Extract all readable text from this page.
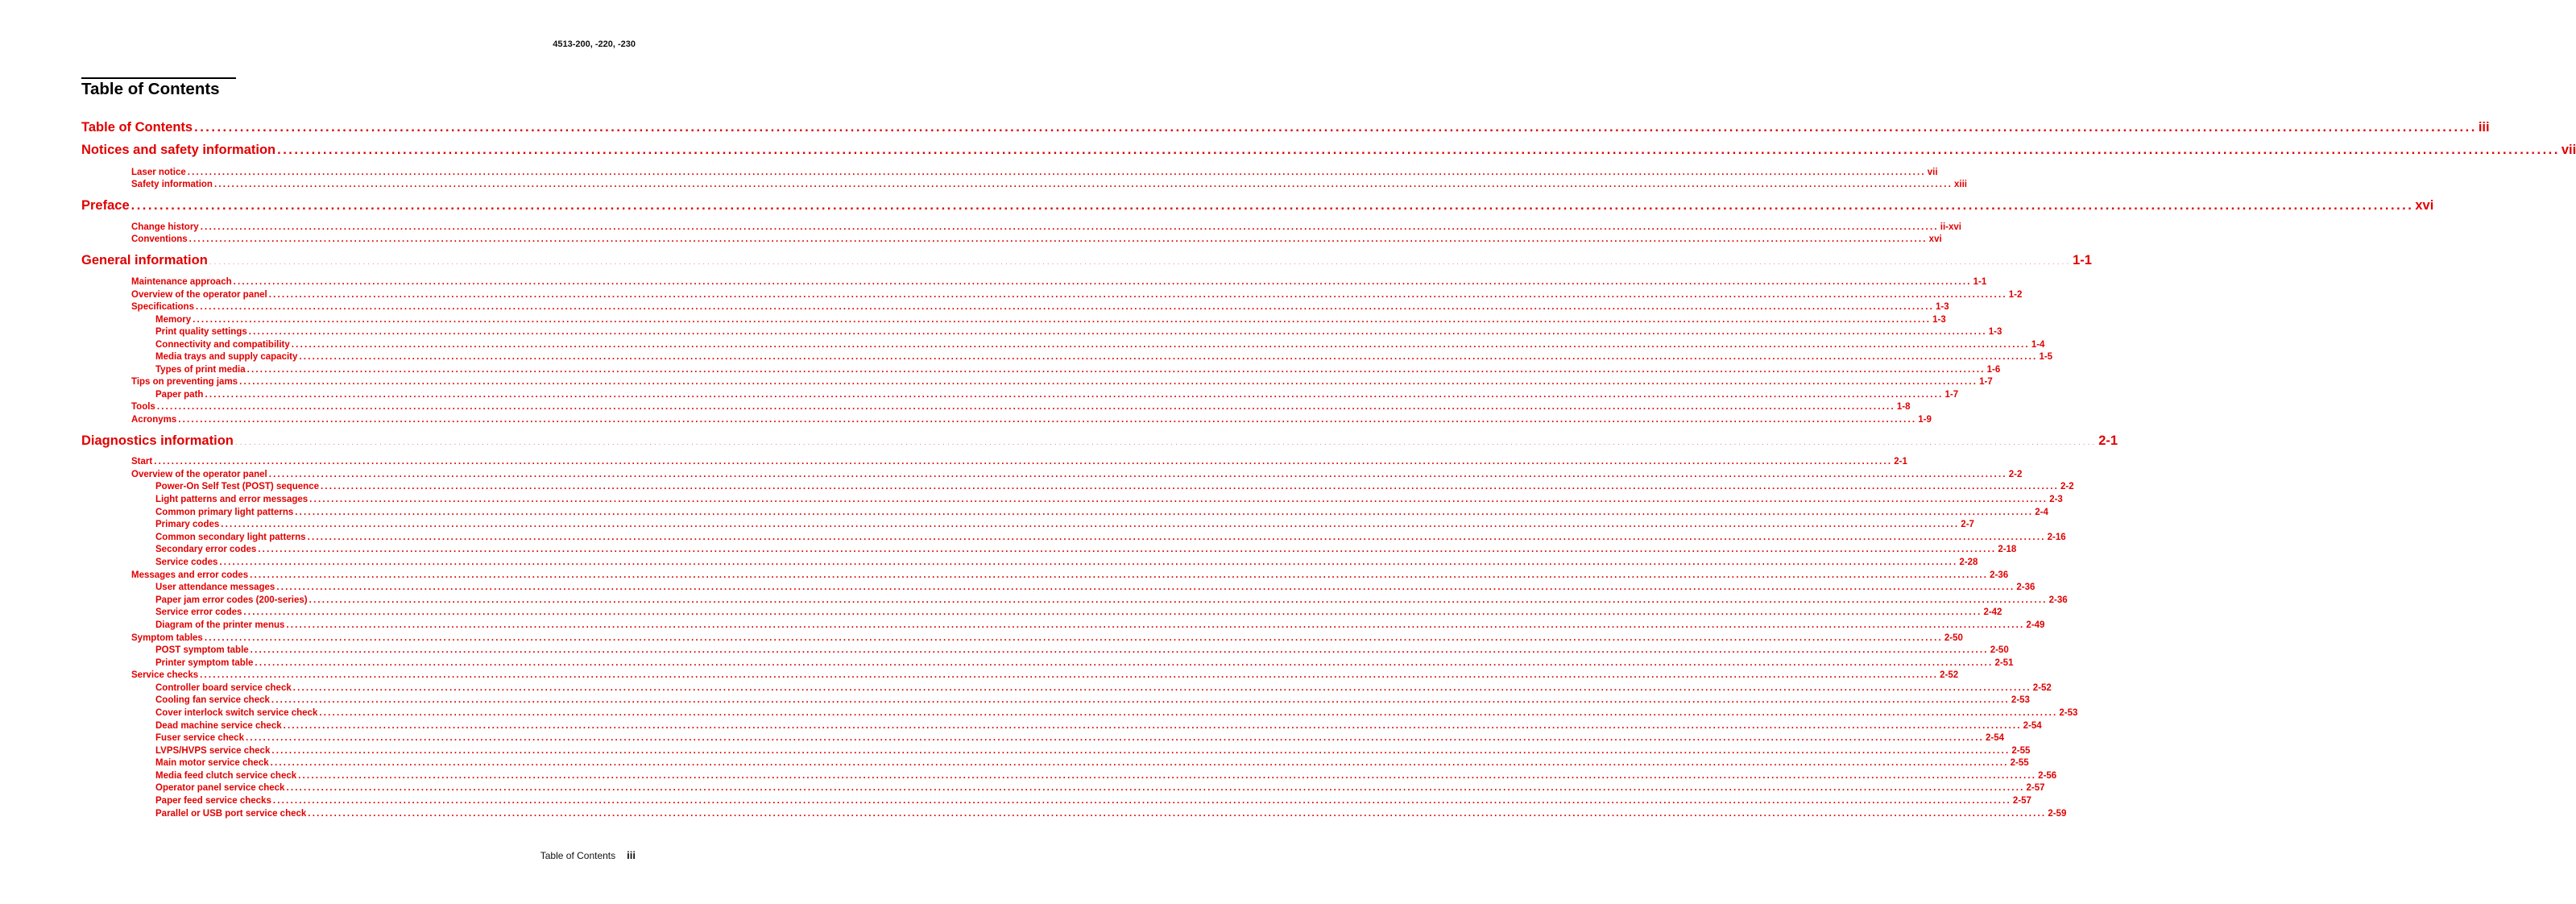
4513-200, -220, -230
Table of Contents
Table of Contents ................................................................................................................................................................................................................................................................................................................................................................................................................ iii
Notices and safety information ................................................................................................................................................................................................................................................................................................................................................................................................................ vii
Laser notice ................................................................................................................................................................................................................................................................................................................................................................................................................ vii
Safety information ................................................................................................................................................................................................................................................................................................................................................................................................................ xiii
Preface ................................................................................................................................................................................................................................................................................................................................................................................................................ xvi
Change history ................................................................................................................................................................................................................................................................................................................................................................................................................ ii-xvi
Conventions ................................................................................................................................................................................................................................................................................................................................................................................................................ xvi
General information ................................................................................................................................................................................................................................................................................................................................................................................................................ 1-1
Maintenance approach ................................................................................................................................................................................................................................................................................................................................................................................................................ 1-1
Overview of the operator panel ................................................................................................................................................................................................................................................................................................................................................................................................................ 1-2
Specifications ................................................................................................................................................................................................................................................................................................................................................................................................................ 1-3
Memory ................................................................................................................................................................................................................................................................................................................................................................................................................ 1-3
Print quality settings ................................................................................................................................................................................................................................................................................................................................................................................................................ 1-3
Connectivity and compatibility ................................................................................................................................................................................................................................................................................................................................................................................................................ 1-4
Media trays and supply capacity ................................................................................................................................................................................................................................................................................................................................................................................................................ 1-5
Types of print media ................................................................................................................................................................................................................................................................................................................................................................................................................ 1-6
Tips on preventing jams ................................................................................................................................................................................................................................................................................................................................................................................................................ 1-7
Paper path ................................................................................................................................................................................................................................................................................................................................................................................................................ 1-7
Tools ................................................................................................................................................................................................................................................................................................................................................................................................................ 1-8
Acronyms ................................................................................................................................................................................................................................................................................................................................................................................................................ 1-9
Diagnostics information ................................................................................................................................................................................................................................................................................................................................................................................................................ 2-1
Start ................................................................................................................................................................................................................................................................................................................................................................................................................ 2-1
Overview of the operator panel ................................................................................................................................................................................................................................................................................................................................................................................................................ 2-2
Power-On Self Test (POST) sequence ................................................................................................................................................................................................................................................................................................................................................................................................................ 2-2
Light patterns and error messages ................................................................................................................................................................................................................................................................................................................................................................................................................ 2-3
Common primary light patterns ................................................................................................................................................................................................................................................................................................................................................................................................................ 2-4
Primary codes ................................................................................................................................................................................................................................................................................................................................................................................................................ 2-7
Common secondary light patterns ................................................................................................................................................................................................................................................................................................................................................................................................................ 2-16
Secondary error codes ................................................................................................................................................................................................................................................................................................................................................................................................................ 2-18
Service codes ................................................................................................................................................................................................................................................................................................................................................................................................................ 2-28
Messages and error codes ................................................................................................................................................................................................................................................................................................................................................................................................................ 2-36
User attendance messages ................................................................................................................................................................................................................................................................................................................................................................................................................ 2-36
Paper jam error codes (200-series) ................................................................................................................................................................................................................................................................................................................................................................................................................ 2-36
Service error codes ................................................................................................................................................................................................................................................................................................................................................................................................................ 2-42
Diagram of the printer menus ................................................................................................................................................................................................................................................................................................................................................................................................................ 2-49
Symptom tables ................................................................................................................................................................................................................................................................................................................................................................................................................ 2-50
POST symptom table ................................................................................................................................................................................................................................................................................................................................................................................................................ 2-50
Printer symptom table ................................................................................................................................................................................................................................................................................................................................................................................................................ 2-51
Service checks ................................................................................................................................................................................................................................................................................................................................................................................................................ 2-52
Controller board service check ................................................................................................................................................................................................................................................................................................................................................................................................................ 2-52
Cooling fan service check ................................................................................................................................................................................................................................................................................................................................................................................................................ 2-53
Cover interlock switch service check ................................................................................................................................................................................................................................................................................................................................................................................................................ 2-53
Dead machine service check ................................................................................................................................................................................................................................................................................................................................................................................................................ 2-54
Fuser service check ................................................................................................................................................................................................................................................................................................................................................................................................................ 2-54
LVPS/HVPS service check ................................................................................................................................................................................................................................................................................................................................................................................................................ 2-55
Main motor service check ................................................................................................................................................................................................................................................................................................................................................................................................................ 2-55
Media feed clutch service check ................................................................................................................................................................................................................................................................................................................................................................................................................ 2-56
Operator panel service check ................................................................................................................................................................................................................................................................................................................................................................................................................ 2-57
Paper feed service checks ................................................................................................................................................................................................................................................................................................................................................................................................................ 2-57
Parallel or USB port service check ................................................................................................................................................................................................................................................................................................................................................................................................................ 2-59
Table of Contents iii
